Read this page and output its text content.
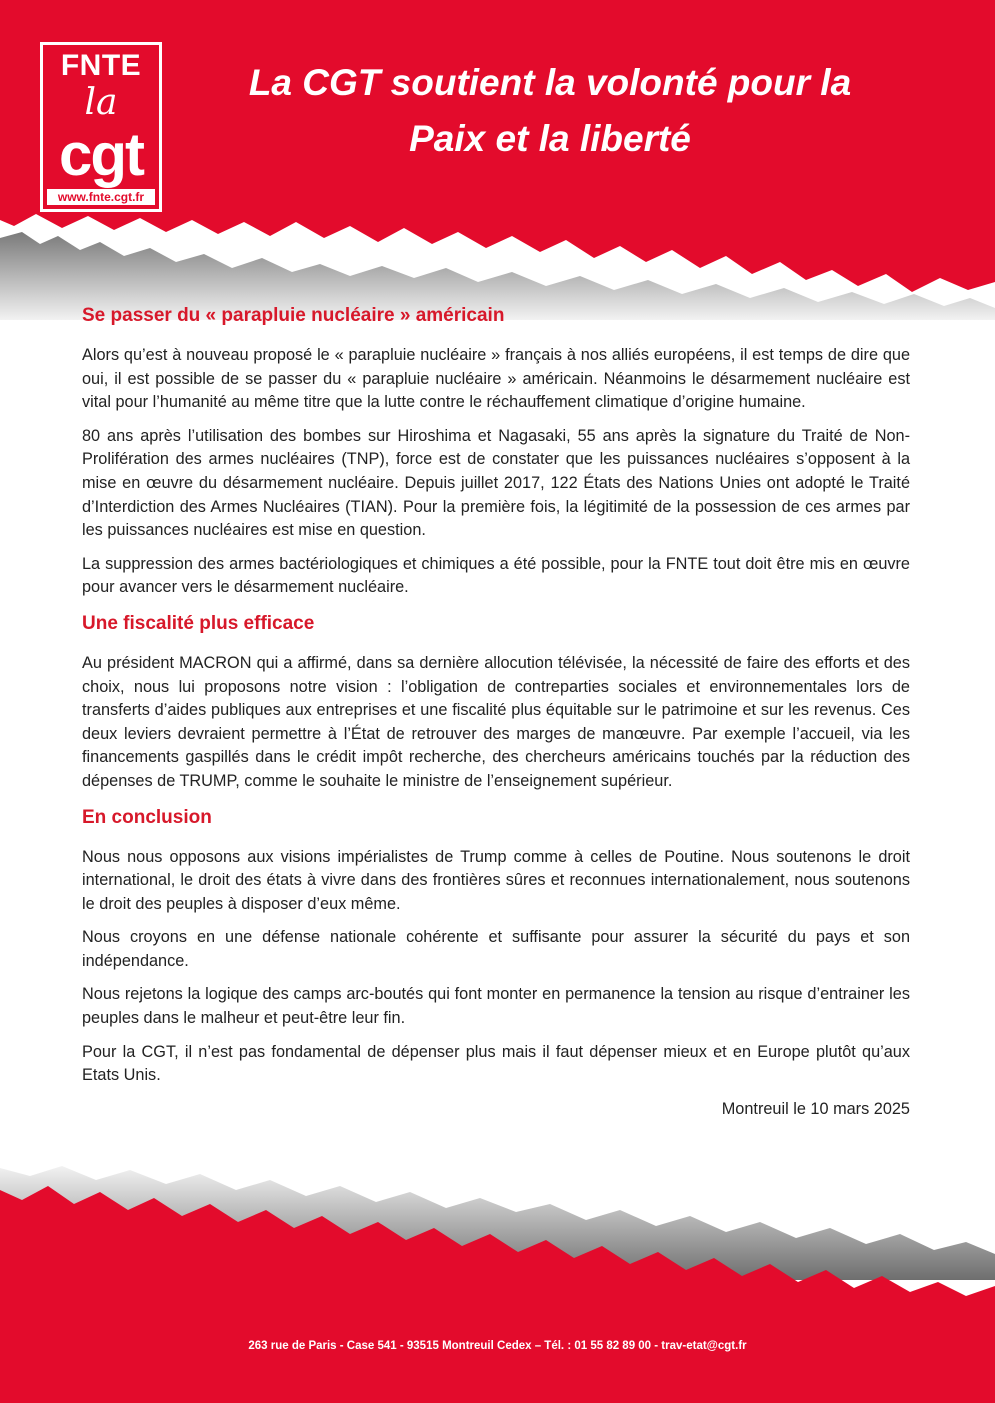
FNTE
la
cgt
www.fnte.cgt.fr
La CGT soutient la volonté pour la
Paix et la liberté
Se passer du « parapluie nucléaire » américain

Alors qu’est à nouveau proposé le « parapluie nucléaire » français à nos alliés européens, il est temps de dire que oui, il est possible de se passer du « parapluie nucléaire » américain. Néanmoins le désarmement nucléaire est vital pour l’humanité au même titre que la lutte contre le réchauffement climatique d’origine humaine.

80 ans après l’utilisation des bombes sur Hiroshima et Nagasaki, 55 ans après la signature du Traité de Non-Prolifération des armes nucléaires (TNP), force est de constater que les puissances nucléaires s’opposent à la mise en œuvre du désarmement nucléaire. Depuis juillet 2017, 122 États des Nations Unies ont adopté le Traité d’Interdiction des Armes Nucléaires (TIAN). Pour la première fois, la légitimité de la possession de ces armes par les puissances nucléaires est mise en question.

La suppression des armes bactériologiques et chimiques a été possible, pour la FNTE tout doit être mis en œuvre pour avancer vers le désarmement nucléaire.

Une fiscalité plus efficace

Au président MACRON qui a affirmé, dans sa dernière allocution télévisée, la nécessité de faire des efforts et des choix, nous lui proposons notre vision : l’obligation de contreparties sociales et environnementales lors de transferts d’aides publiques aux entreprises et une fiscalité plus équitable sur le patrimoine et sur les revenus. Ces deux leviers devraient permettre à l’État de retrouver des marges de manœuvre. Par exemple l’accueil, via les financements gaspillés dans le crédit impôt recherche, des chercheurs américains touchés par la réduction des dépenses de TRUMP, comme le souhaite le ministre de l’enseignement supérieur.

En conclusion

Nous nous opposons aux visions impérialistes de Trump comme à celles de Poutine. Nous soutenons le droit international, le droit des états à vivre dans des frontières sûres et reconnues internationalement, nous soutenons le droit des peuples à disposer d’eux même.

Nous croyons en une défense nationale cohérente et suffisante pour assurer la sécurité du pays et son indépendance.

Nous rejetons la logique des camps arc-boutés qui font monter en permanence la tension au risque d’entrainer les peuples dans le malheur et peut-être leur fin.

Pour la CGT, il n’est pas fondamental de dépenser plus mais il faut dépenser mieux et en Europe plutôt qu’aux Etats Unis.

Montreuil le 10 mars 2025
263 rue de Paris - Case 541 - 93515 Montreuil Cedex – Tél. : 01 55 82 89 00 - trav-etat@cgt.fr
